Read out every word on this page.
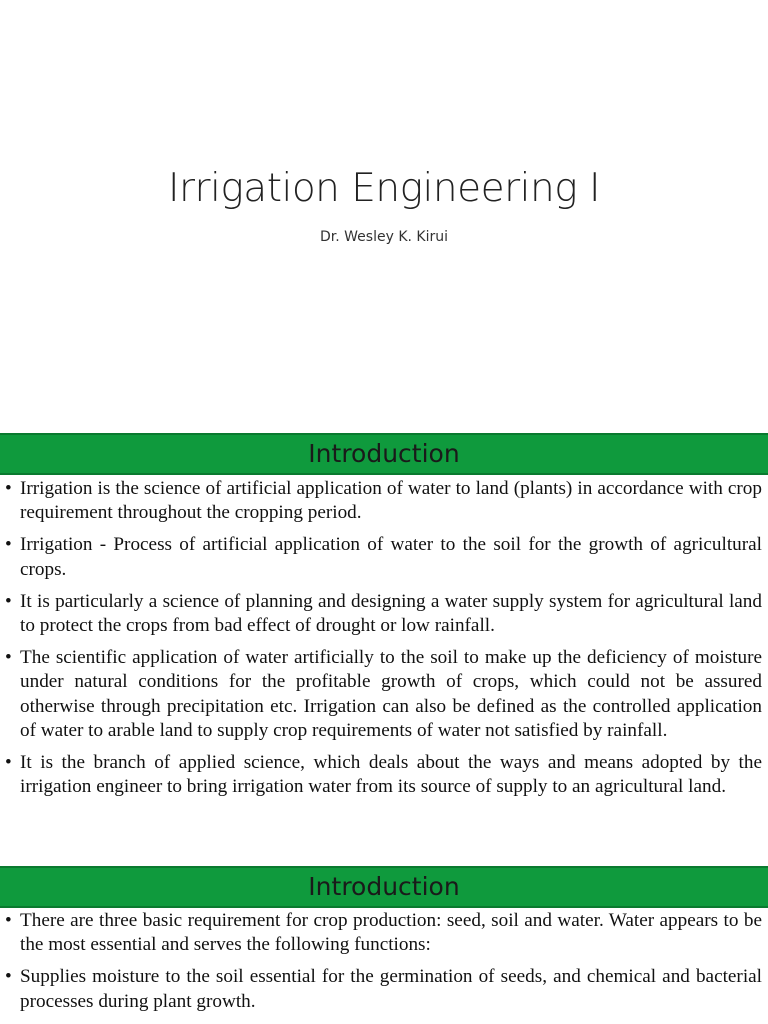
Irrigation Engineering I
Dr. Wesley K. Kirui
Introduction
• Irrigation is the science of artificial application of water to land (plants) in accordance with crop requirement throughout the cropping period.
• Irrigation - Process of artificial application of water to the soil for the growth of agricultural crops.
• It is particularly a science of planning and designing a water supply system for agricultural land to protect the crops from bad effect of drought or low rainfall.
• The scientific application of water artificially to the soil to make up the deficiency of moisture under natural conditions for the profitable growth of crops, which could not be assured otherwise through precipitation etc. Irrigation can also be defined as the controlled application of water to arable land to supply crop requirements of water not satisfied by rainfall.
• It is the branch of applied science, which deals about the ways and means adopted by the irrigation engineer to bring irrigation water from its source of supply to an agricultural land.
Introduction
• There are three basic requirement for crop production: seed, soil and water. Water appears to be the most essential and serves the following functions:
• Supplies moisture to the soil essential for the germination of seeds, and chemical and bacterial processes during plant growth.
